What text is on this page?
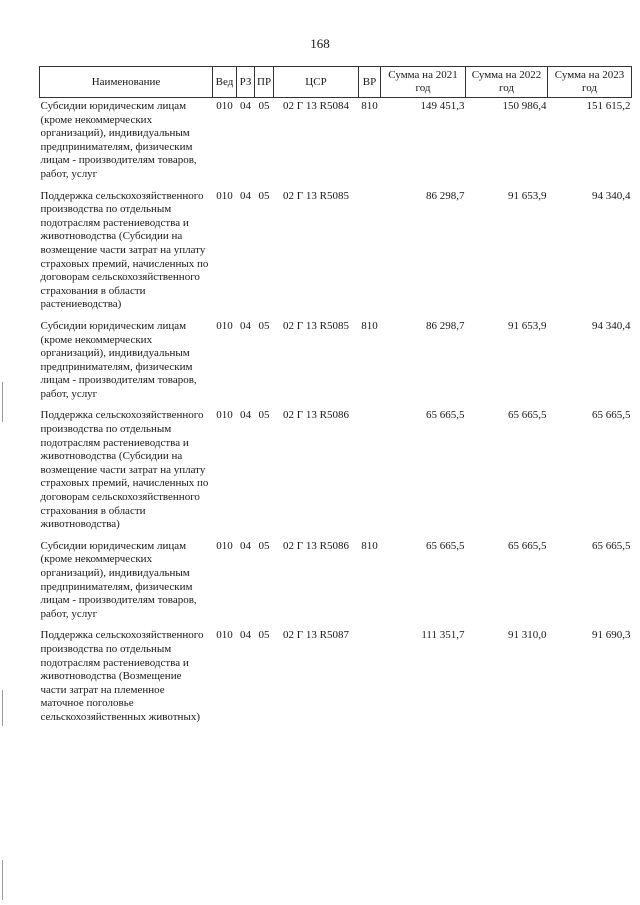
168
Наименование	Вед	РЗ	ПР	ЦСР	ВР	Сумма на 2021 год	Сумма на 2022 год	Сумма на 2023 год
Субсидии юридическим лицам (кроме некоммерческих организаций), индивидуальным предпринимателям, физическим лицам - производителям товаров, работ, услуг	010	04	05	02 Г 13 R5084	810	149 451,3	150 986,4	151 615,2
Поддержка сельскохозяйственного производства по отдельным подотраслям растениеводства и животноводства (Субсидии на возмещение части затрат на уплату страховых премий, начисленных по договорам сельскохозяйственного страхования в области растениеводства)	010	04	05	02 Г 13 R5085		86 298,7	91 653,9	94 340,4
Субсидии юридическим лицам (кроме некоммерческих организаций), индивидуальным предпринимателям, физическим лицам - производителям товаров, работ, услуг	010	04	05	02 Г 13 R5085	810	86 298,7	91 653,9	94 340,4
Поддержка сельскохозяйственного производства по отдельным подотраслям растениеводства и животноводства (Субсидии на возмещение части затрат на уплату страховых премий, начисленных по договорам сельскохозяйственного страхования в области животноводства)	010	04	05	02 Г 13 R5086		65 665,5	65 665,5	65 665,5
Субсидии юридическим лицам (кроме некоммерческих организаций), индивидуальным предпринимателям, физическим лицам - производителям товаров, работ, услуг	010	04	05	02 Г 13 R5086	810	65 665,5	65 665,5	65 665,5
Поддержка сельскохозяйственного производства по отдельным подотраслям растениеводства и животноводства (Возмещение части затрат на племенное маточное поголовье сельскохозяйственных животных)	010	04	05	02 Г 13 R5087		111 351,7	91 310,0	91 690,3
